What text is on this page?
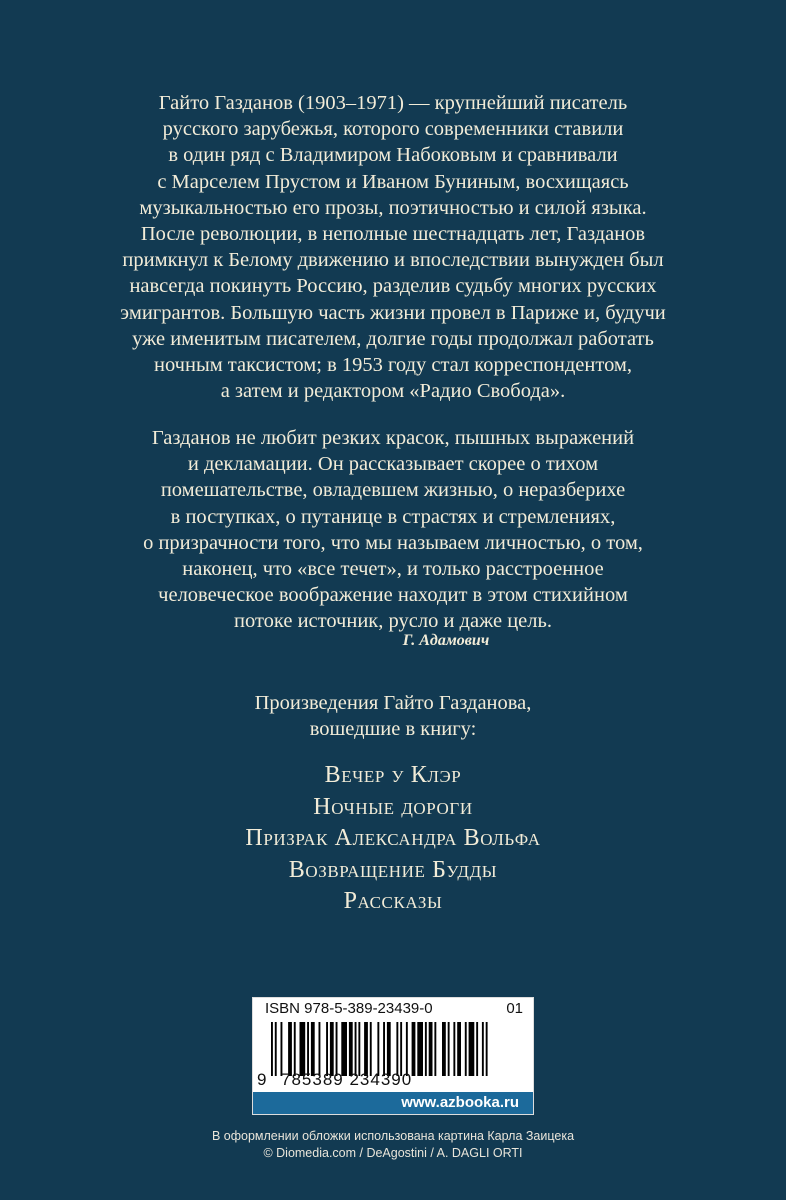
Гайто Газданов (1903–1971) — крупнейший писатель
русского зарубежья, которого современники ставили
в один ряд с Владимиром Набоковым и сравнивали
с Марселем Прустом и Иваном Буниным, восхищаясь
музыкальностью его прозы, поэтичностью и силой языка.
После революции, в неполные шестнадцать лет, Газданов
примкнул к Белому движению и впоследствии вынужден был
навсегда покинуть Россию, разделив судьбу многих русских
эмигрантов. Большую часть жизни провел в Париже и, будучи
уже именитым писателем, долгие годы продолжал работать
ночным таксистом; в 1953 году стал корреспондентом,
а затем и редактором «Радио Свобода».
Газданов не любит резких красок, пышных выражений
и декламации. Он рассказывает скорее о тихом
помешательстве, овладевшем жизнью, о неразберихе
в поступках, о путанице в страстях и стремлениях,
о призрачности того, что мы называем личностью, о том,
наконец, что «все течет», и только расстроенное
человеческое воображение находит в этом стихийном
потоке источник, русло и даже цель.
Г. Адамович
Произведения Гайто Газданова,
вошедшие в книгу:
Вечер у Клэр
Ночные дороги
Призрак Александра Вольфа
Возвращение Будды
Рассказы
ISBN 978-5-389-23439-0	01
9 785389 234390
www.azbooka.ru
В оформлении обложки использована картина Карла Заицека
© Diomedia.com / DeAgostini / A. DAGLI ORTI
